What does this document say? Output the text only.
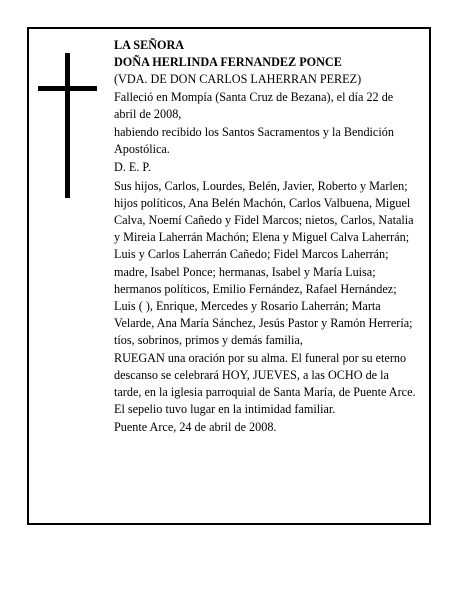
LA SEÑORA

DOÑA HERLINDA FERNANDEZ PONCE

(VDA. DE DON CARLOS LAHERRAN PEREZ)

Falleció en Mompía (Santa Cruz de Bezana), el día 22 de abril de 2008,

habiendo recibido los Santos Sacramentos y la Bendición Apostólica.

D. E. P.

Sus hijos, Carlos, Lourdes, Belén, Javier, Roberto y Marlen; hijos políticos, Ana Belén Machón, Carlos Valbuena, Miguel Calva, Noemí Cañedo y Fidel Marcos; nietos, Carlos, Natalia y Mireia Laherrán Machón; Elena y Miguel Calva Laherrán; Luis y Carlos Laherrán Cañedo; Fidel Marcos Laherrán; madre, Isabel Ponce; hermanas, Isabel y María Luisa; hermanos políticos, Emilio Fernández, Rafael Hernández; Luis ( ), Enrique, Mercedes y Rosario Laherrán; Marta Velarde, Ana María Sánchez, Jesús Pastor y Ramón Herrería; tíos, sobrinos, primos y demás familia,

RUEGAN una oración por su alma. El funeral por su eterno descanso se celebrará HOY, JUEVES, a las OCHO de la tarde, en la iglesia parroquial de Santa María, de Puente Arce. El sepelio tuvo lugar en la intimidad familiar.

Puente Arce, 24 de abril de 2008.
